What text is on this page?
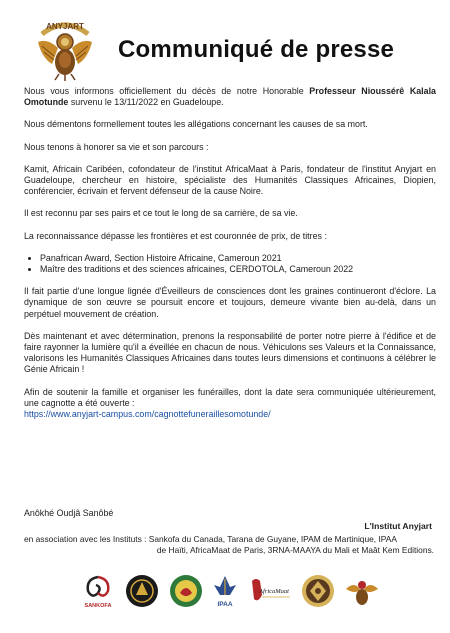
ANYJART
Communiqué de presse

Nous vous informons officiellement du décès de notre Honorable Professeur Nioussérê Kalala Omotunde survenu le 13/11/2022 en Guadeloupe.

Nous démentons formellement toutes les allégations concernant les causes de sa mort.

Nous tenons à honorer sa vie et son parcours :

Kamit, Africain Caribéen, cofondateur de l'institut AfricaMaat à Paris, fondateur de l'institut Anyjart en Guadeloupe, chercheur en histoire, spécialiste des Humanités Classiques Africaines, Diopien, conférencier, écrivain et fervent défenseur de la cause Noire.

Il est reconnu par ses pairs et ce tout le long de sa carrière, de sa vie.

La reconnaissance dépasse les frontières et est couronnée de prix, de titres :

• Panafrican Award, Section Histoire Africaine, Cameroun 2021
• Maître des traditions et des sciences africaines, CERDOTOLA, Cameroun 2022

Il fait partie d'une longue lignée d'Éveilleurs de consciences dont les graines continueront d'éclore. La dynamique de son œuvre se poursuit encore et toujours, demeure vivante bien au-delà, dans un perpétuel mouvement de création.

Dès maintenant et avec détermination, prenons la responsabilité de porter notre pierre à l'édifice et de faire rayonner la lumière qu'il a éveillée en chacun de nous. Véhiculons ses Valeurs et la Connaissance, valorisons les Humanités Classiques Africaines dans toutes leurs dimensions et continuons à célébrer le Génie Africain !

Afin de soutenir la famille et organiser les funérailles, dont la date sera communiquée ultérieurement, une cagnotte a été ouverte :
https://www.anyjart-campus.com/cagnottefuneraillesomotunde/

Anôkhé Oudjâ Sanôbé
L'Institut Anyjart
en association avec les Instituts : Sankofa du Canada, Tarana de Guyane, IPAM de Martinique, IPAA
de Haïti, AfricaMaat de Paris, 3RNA-MAAYA du Mali et Maât Kem Editions.
SANKOFA	IPAA
AfricaMaat
